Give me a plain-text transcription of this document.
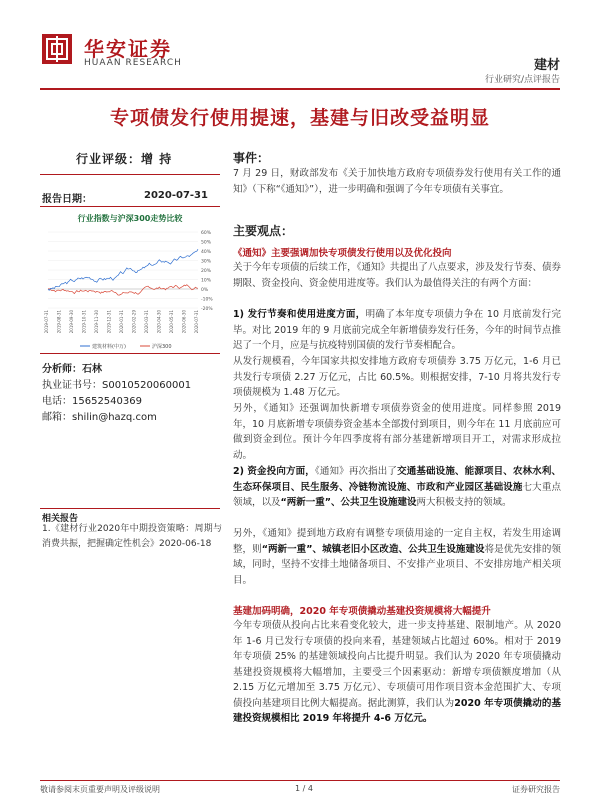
华安证券
HUAAN RESEARCH	建材
行业研究/点评报告
专项债发行使用提速，基建与旧改受益明显
行业评级：增 持
报告日期：	2020-07-31
行业指数与沪深300走势比较
60%
50%
40%
30%
20%
10%
0%
-10%
-20%
2019-07-31 2019-08-31 2019-09-30 2019-10-31 2019-11-30 2019-12-31 2020-01-31 2020-02-29 2020-03-31 2020-04-30 2020-05-31 2020-06-30 2020-07-31
建筑材料(中万)	沪深300
分析师：石林
执业证书号：S0010520060001
电话：15652540369
邮箱：shilin@hazq.com
相关报告
1.《建材行业2020年中期投资策略：周期与消费共振，把握确定性机会》2020-06-18
事件：
7 月 29 日，财政部发布《关于加快地方政府专项债券发行使用有关工作的通知》（下称“《通知》”），进一步明确和强调了今年专项债有关事宜。
主要观点：
《通知》主要强调加快专项债发行使用以及优化投向
关于今年专项债的后续工作，《通知》共提出了八点要求，涉及发行节奏、债券期限、资金投向、资金使用进度等。我们认为最值得关注的有两个方面：
1) 发行节奏和使用进度方面，明确了本年度专项债力争在 10 月底前发行完毕。对比 2019 年的 9 月底前完成全年新增债券发行任务，今年的时间节点推迟了一个月，应是与抗疫特别国债的发行节奏相配合。
从发行规模看，今年国家共拟安排地方政府专项债券 3.75 万亿元，1-6 月已共发行专项债 2.27 万亿元，占比 60.5%。则根据安排，7-10 月将共发行专项债规模为 1.48 万亿元。
另外，《通知》还强调加快新增专项债券资金的使用进度。同样参照 2019 年，10 月底新增专项债券资金基本全部拨付到项目，则今年在 11 月底前应可做到资金到位。预计今年四季度将有部分基建新增项目开工，对需求形成拉动。
2) 资金投向方面，《通知》再次指出了交通基础设施、能源项目、农林水利、生态环保项目、民生服务、冷链物流设施、市政和产业园区基础设施七大重点领域，以及“两新一重”、公共卫生设施建设两大积极支持的领域。
另外，《通知》提到地方政府有调整专项债用途的一定自主权，若发生用途调整，则“两新一重”、城镇老旧小区改造、公共卫生设施建设将是优先安排的领域，同时，坚持不安排土地储备项目、不安排产业项目、不安排房地产相关项目。
基建加码明确，2020 年专项债撬动基建投资规模将大幅提升
今年专项债从投向占比来看变化较大，进一步支持基建、限制地产。从 2020 年 1-6 月已发行专项债的投向来看，基建领域占比超过 60%。相对于 2019 年专项债 25% 的基建领域投向占比提升明显。我们认为 2020 年专项债撬动基建投资规模将大幅增加，主要受三个因素驱动：新增专项债额度增加（从 2.15 万亿元增加至 3.75 万亿元）、专项债可用作项目资本金范围扩大、专项债投向基建项目比例大幅提高。据此测算，我们认为2020 年专项债撬动的基建投资规模相比 2019 年将提升 4-6 万亿元。
敬请参阅末页重要声明及评级说明	1 / 4	证券研究报告
